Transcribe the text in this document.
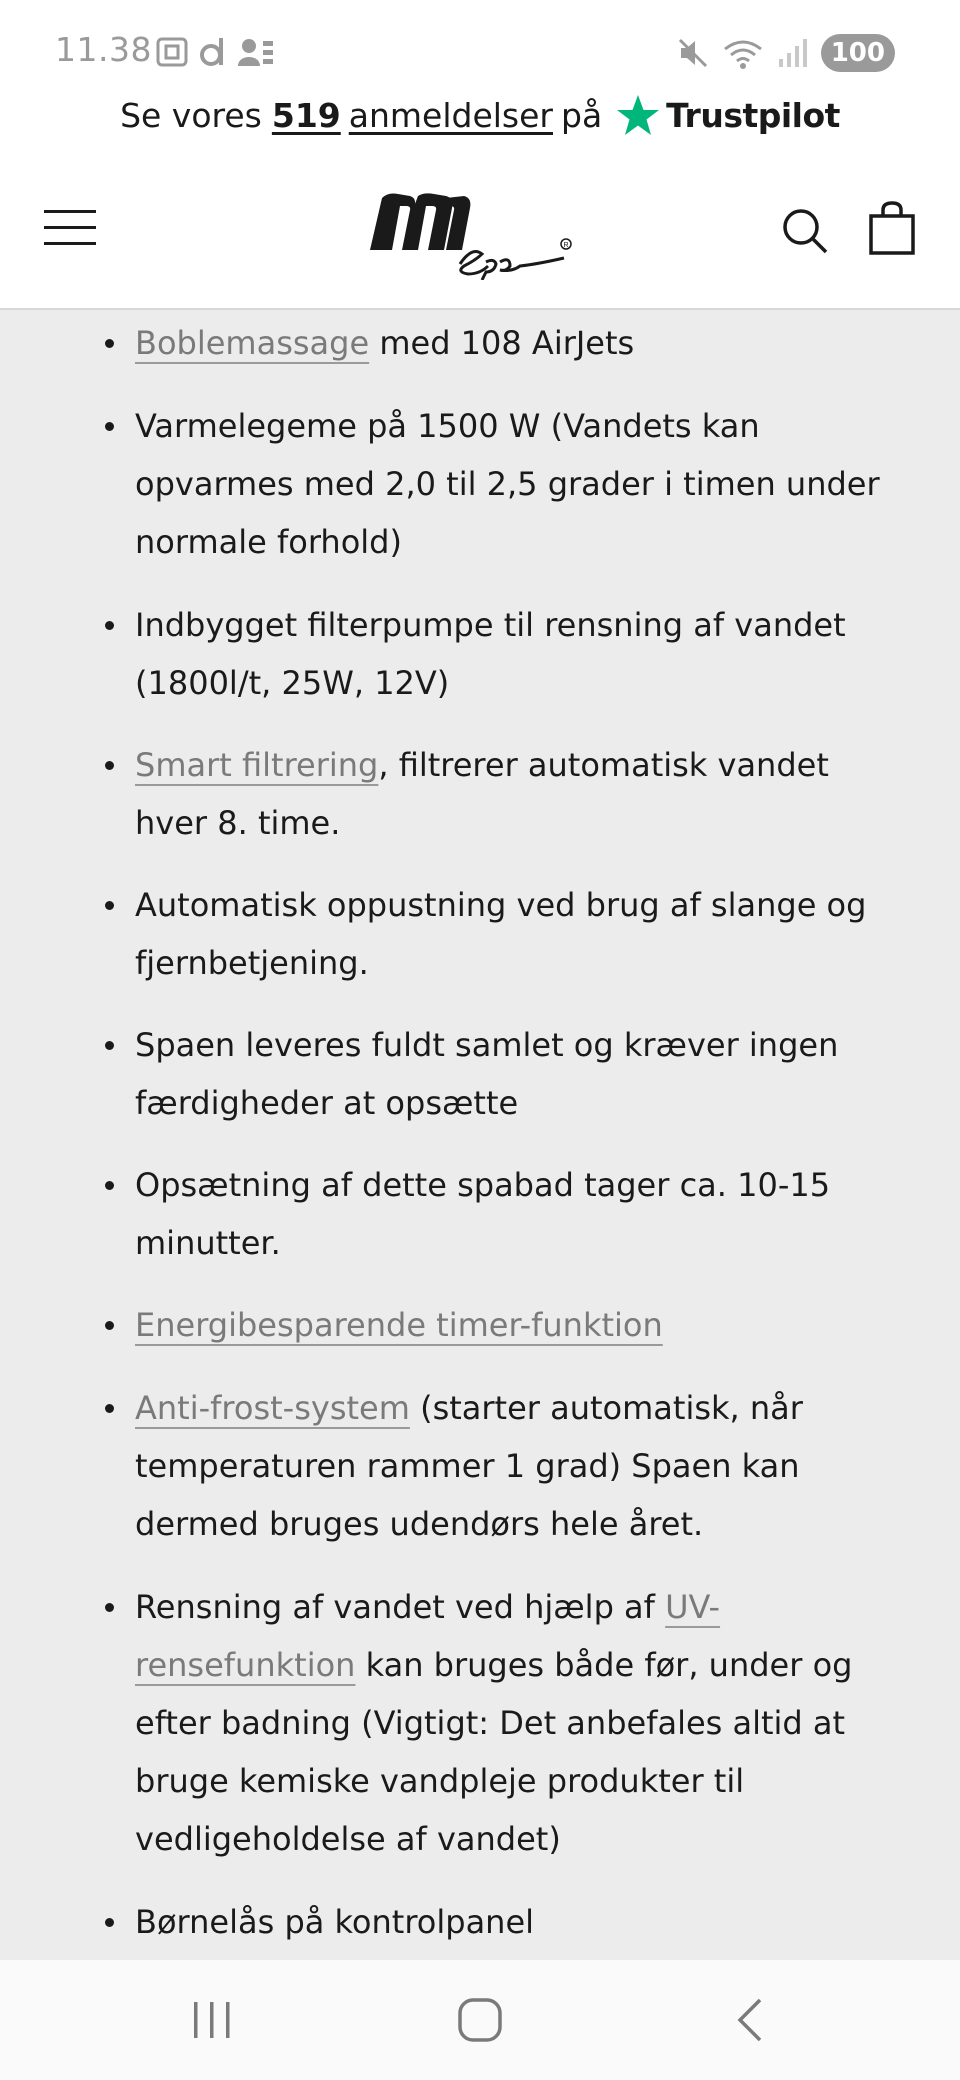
11.38	100
Se vores 519 anmeldelser på Trustpilot
R
Boblemassage med 108 AirJets
Varmelegeme på 1500 W (Vandets kan opvarmes med 2,0 til 2,5 grader i timen under normale forhold)
Indbygget filterpumpe til rensning af vandet (1800l/t, 25W, 12V)
Smart filtrering, filtrerer automatisk vandet hver 8. time.
Automatisk oppustning ved brug af slange og fjernbetjening.
Spaen leveres fuldt samlet og kræver ingen færdigheder at opsætte
Opsætning af dette spabad tager ca. 10-15 minutter.
Energibesparende timer-funktion
Anti-frost-system (starter automatisk, når temperaturen rammer 1 grad) Spaen kan dermed bruges udendørs hele året.
Rensning af vandet ved hjælp af UV-rensefunktion kan bruges både før, under og efter badning (Vigtigt: Det anbefales altid at bruge kemiske vandpleje produkter til vedligeholdelse af vandet)
Børnelås på kontrolpanel
